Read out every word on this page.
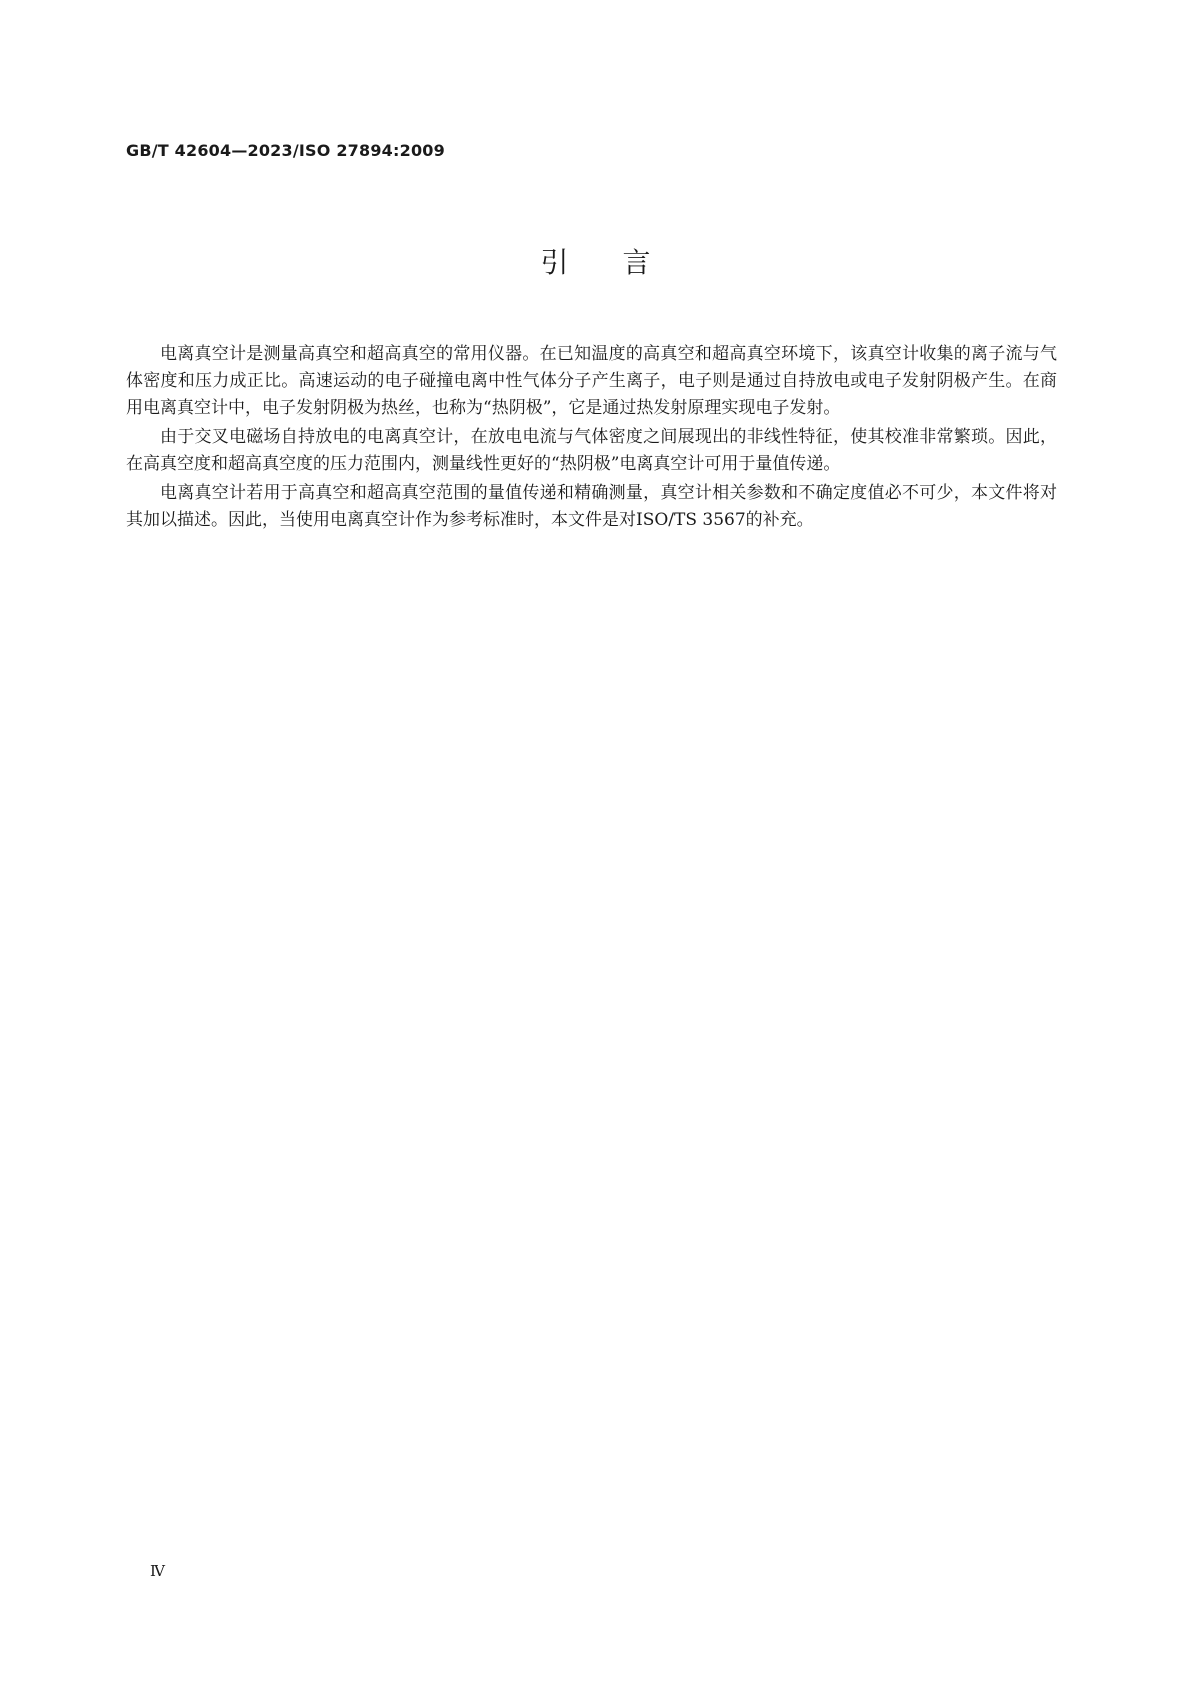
GB/T 42604—2023/ISO 27894:2009
引言

电离真空计是测量高真空和超高真空的常用仪器。在已知温度的高真空和超高真空环境下，该真空计收集的离子流与气体密度和压力成正比。高速运动的电子碰撞电离中性气体分子产生离子，电子则是通过自持放电或电子发射阴极产生。在商用电离真空计中，电子发射阴极为热丝，也称为“热阴极”，它是通过热发射原理实现电子发射。

由于交叉电磁场自持放电的电离真空计，在放电电流与气体密度之间展现出的非线性特征，使其校准非常繁琐。因此，在高真空度和超高真空度的压力范围内，测量线性更好的“热阴极”电离真空计可用于量值传递。

电离真空计若用于高真空和超高真空范围的量值传递和精确测量，真空计相关参数和不确定度值必不可少，本文件将对其加以描述。因此，当使用电离真空计作为参考标准时，本文件是对ISO/TS 3567的补充。

Ⅳ
